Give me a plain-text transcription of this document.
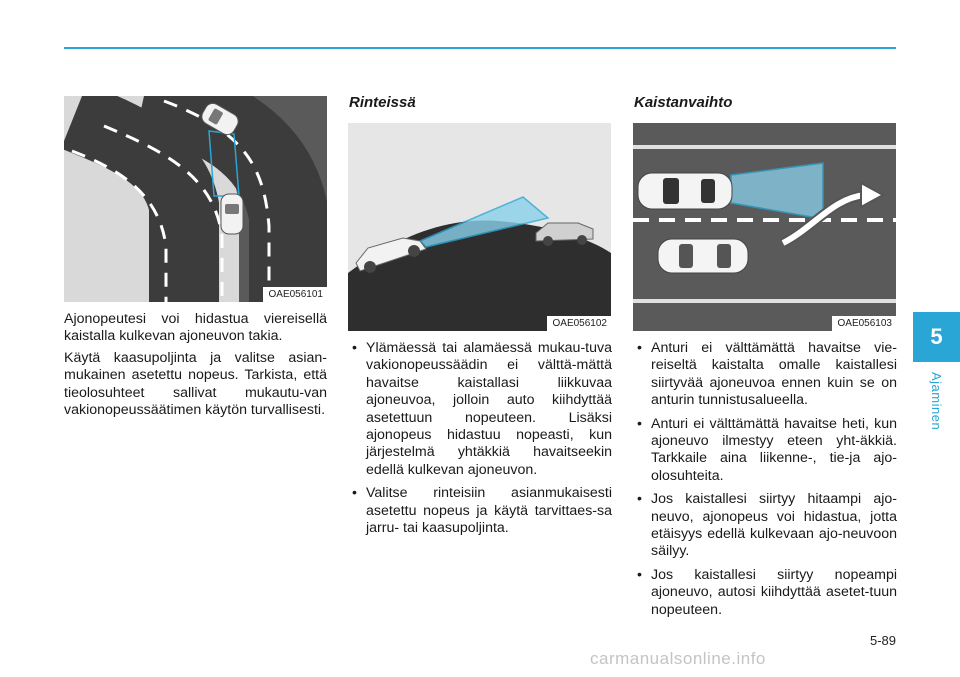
OAE056101
OAE056102	OAE056103

Ajonopeutesi voi hidastua viereisellä kaistalla kulkevan ajoneuvon takia.

Käytä kaasupoljinta ja valitse asian-mukainen asetettu nopeus. Tarkista, että tieolosuhteet sallivat mukautu-van vakionopeussäätimen käytön turvallisesti.

Rinteissä
• Ylämäessä tai alamäessä mukau-tuva vakionopeussäädin ei välttä-mättä havaitse kaistallasi liikkuvaa ajoneuvoa, jolloin auto kiihdyttää asetettuun nopeuteen. Lisäksi ajonopeus hidastuu nopeasti, kun järjestelmä yhtäkkiä havaitseekin edellä kulkevan ajoneuvon.
• Valitse rinteisiin asianmukaisesti asetettu nopeus ja käytä tarvittaes-sa jarru- tai kaasupoljinta.
Kaistanvaihto
• Anturi ei välttämättä havaitse vie-reiseltä kaistalta omalle kaistallesi siirtyvää ajoneuvoa ennen kuin se on anturin tunnistusalueella.
• Anturi ei välttämättä havaitse heti, kun ajoneuvo ilmestyy eteen yht-äkkiä. Tarkkaile aina liikenne-, tie-ja ajo-olosuhteita.
• Jos kaistallesi siirtyy hitaampi ajo-neuvo, ajonopeus voi hidastua, jotta etäisyys edellä kulkevaan ajo-neuvoon säilyy.
• Jos kaistallesi siirtyy nopeampi ajoneuvo, autosi kiihdyttää asetet-tuun nopeuteen.
5
Ajaminen
5-89
carmanualsonline.info
